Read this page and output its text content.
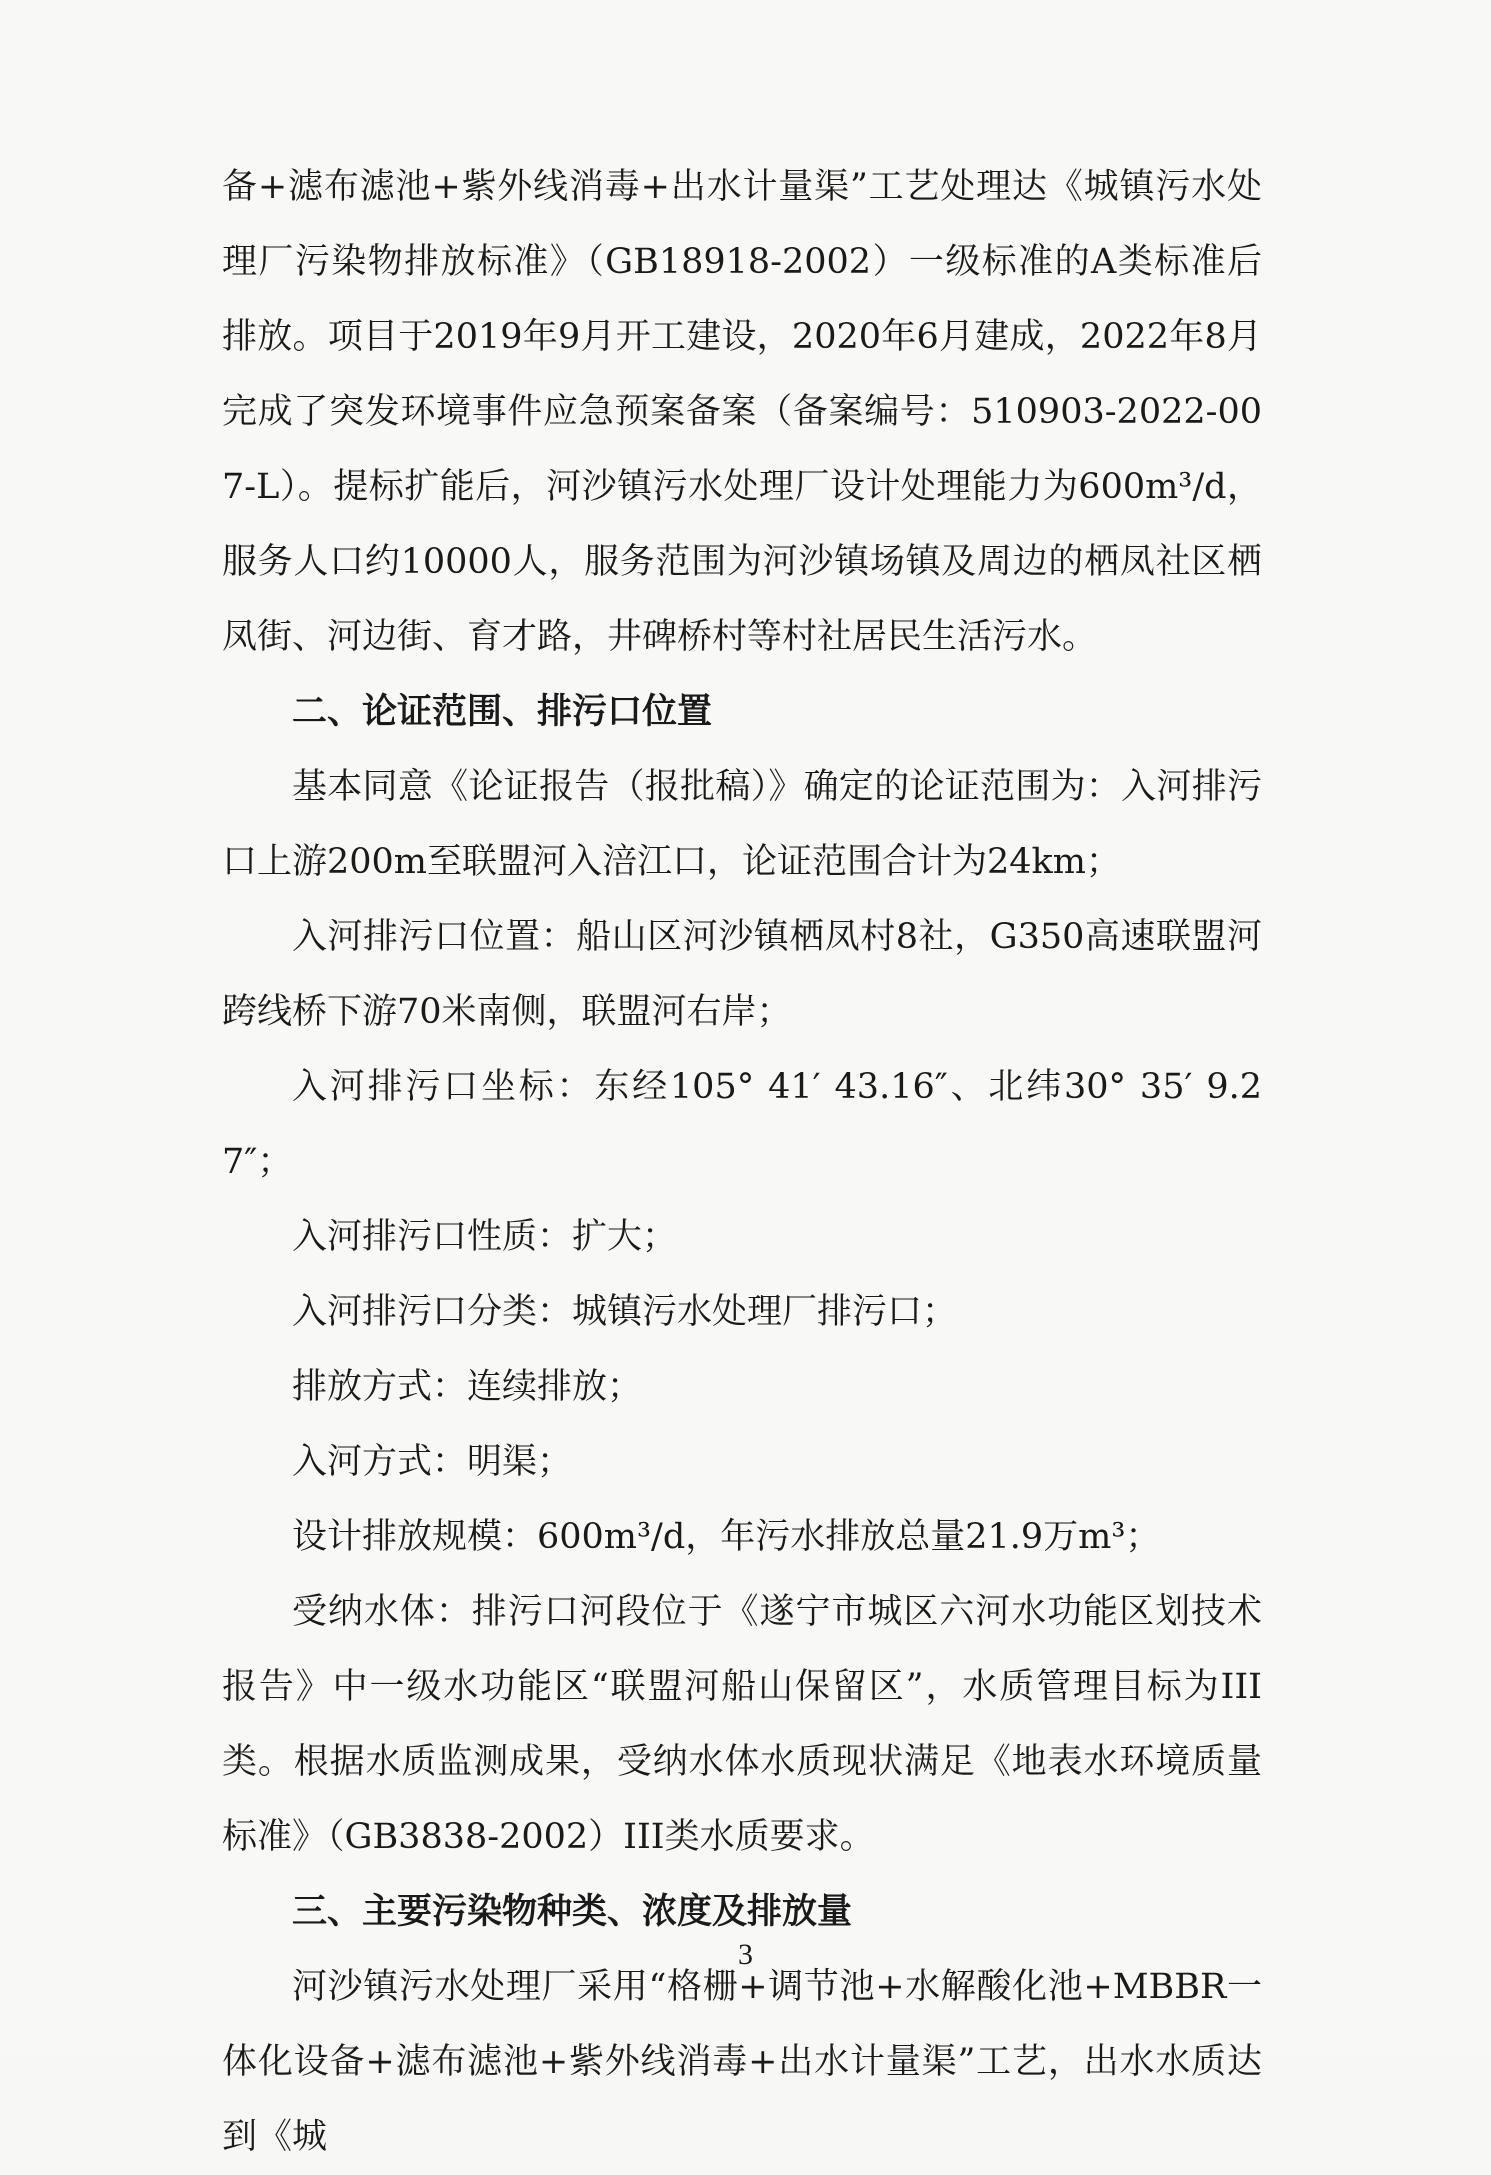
备+滤布滤池+紫外线消毒+出水计量渠”工艺处理达《城镇污水处理厂污染物排放标准》（GB18918-2002）一级标准的A类标准后排放。项目于2019年9月开工建设，2020年6月建成，2022年8月完成了突发环境事件应急预案备案（备案编号：510903-2022-007-L）。提标扩能后，河沙镇污水处理厂设计处理能力为600m³/d，服务人口约10000人，服务范围为河沙镇场镇及周边的栖凤社区栖凤街、河边街、育才路，井碑桥村等村社居民生活污水。

二、论证范围、排污口位置

基本同意《论证报告（报批稿）》确定的论证范围为：入河排污口上游200m至联盟河入涪江口，论证范围合计为24km；

入河排污口位置：船山区河沙镇栖凤村8社，G350高速联盟河跨线桥下游70米南侧，联盟河右岸；

入河排污口坐标：东经105° 41′ 43.16″、北纬30° 35′ 9.27″；

入河排污口性质：扩大；

入河排污口分类：城镇污水处理厂排污口；

排放方式：连续排放；

入河方式：明渠；

设计排放规模：600m³/d，年污水排放总量21.9万m³；

受纳水体：排污口河段位于《遂宁市城区六河水功能区划技术报告》中一级水功能区“联盟河船山保留区”，水质管理目标为III类。根据水质监测成果，受纳水体水质现状满足《地表水环境质量标准》（GB3838-2002）III类水质要求。

三、主要污染物种类、浓度及排放量

河沙镇污水处理厂采用“格栅+调节池+水解酸化池+MBBR一体化设备+滤布滤池+紫外线消毒+出水计量渠”工艺，出水水质达到《城

3
